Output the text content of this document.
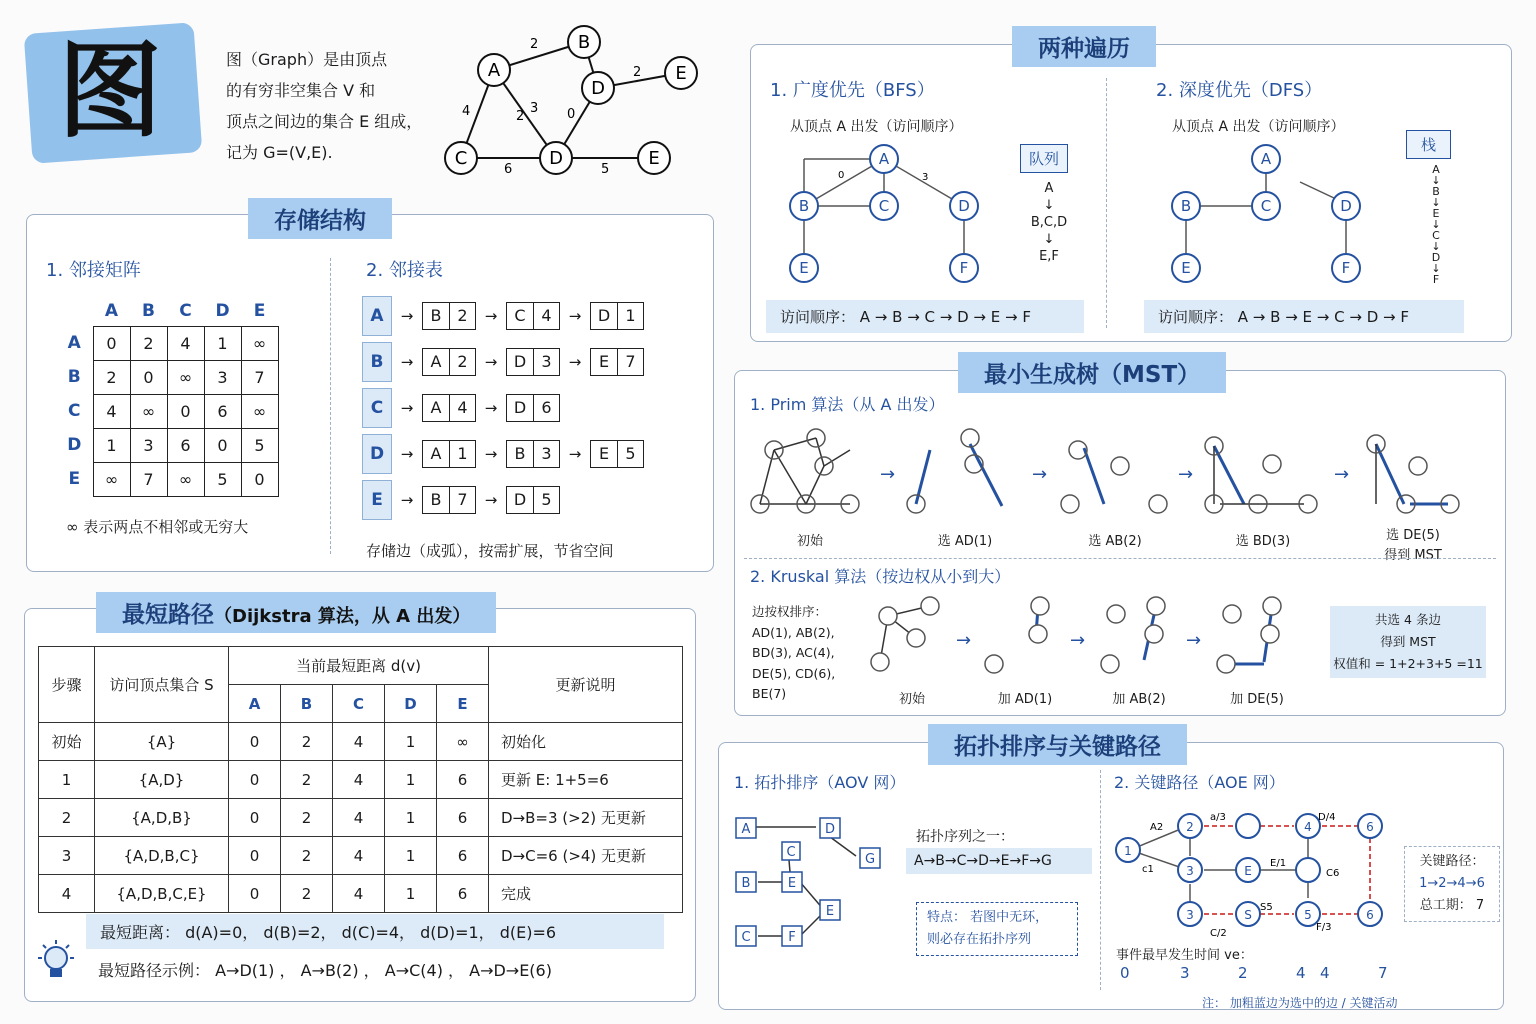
图	图（Graph）是由顶点
的有穷非空集合 V 和
顶点之间边的集合 E 组成，
记为 G=(V,E).
2
4	3
2
2
6	5
0
A
B
D
E
C	D	E
存储结构
1. 邻接矩阵	2. 邻接表
	A	B	C	D	E
A	0	2	4	1	∞
B	2	0	∞	3	7
C	4	∞	0	6	∞
D	1	3	6	0	5
E	∞	7	∞	5	0
∞ 表示两点不相邻或无穷大
A	→	B 2	→	C 4	→	D 1
B	→	A 2	→	D 3	→	E	7
C	→	A 4	→	D 6
D	→	A 1	→	B 3	→	E	5
E	→	B 7	→	D 5
存储边（成弧），按需扩展，节省空间
最短路径（Dijkstra 算法，从 A 出发）
步骤	访问顶点集合 S	当前最短距离 d(v)					更新说明
		A	B	C	D	E	
初始	{A}	0	2	4	1	∞	初始化
1	{A,D}	0	2	4	1	6	更新 E: 1+5=6
2	{A,D,B}	0	2	4	1	6	D→B=3 (>2) 无更新
3	{A,D,B,C}	0	2	4	1	6	D→C=6 (>4) 无更新
4	{A,D,B,C,E}	0	2	4	1	6	完成
最短距离： d(A)=0， d(B)=2， d(C)=4， d(D)=1， d(E)=6
最短路径示例： A→D(1) ， A→B(2) ， A→C(4) ， A→D→E(6)
两种遍历
1. 广度优先（BFS）	2. 深度优先（DFS）
从顶点 A 出发（访问顺序）	从顶点 A 出发（访问顺序）
0	3
A
B	C	D
E	F
队列
A
↓
B,C,D
↓
E,F
A
B	C	D
E	F
栈
A
↓
B
↓
E
↓
C
↓
D
↓
F
访问顺序： A → B → C → D → E → F	访问顺序： A → B → E → C → D → F
最小生成树（MST）
1. Prim 算法（从 A 出发）
→	→	→	→
初始	选 AD(1)	选 AB(2)	选 BD(3)	选 DE(5)
得到 MST
2. Kruskal 算法（按边权从小到大）
边按权排序：
AD(1), AB(2),
BD(3), AC(4),
DE(5), CD(6),
BE(7)
→	→	→
初始	加 AD(1)	加 AB(2)	加 DE(5)
共选 4 条边
得到 MST
权值和 = 1+2+3+5 =11
拓扑排序与关键路径
1. 拓扑排序（AOV 网）	2. 关键路径（AOE 网）
A	D
C	G
B	E
E
C	F
拓扑序列之一：
A→B→C→D→E→F→G
特点： 若图中无环，
则必存在拓扑序列
1
2	4	6
3	E
3	S	5	6
A2
c1
a/3	D/4
E/1
C6
S5
F/3
C/2
关键路径：
1→2→4→6
总工期： 7
事件最早发生时间 ve：
0	3	2	4 4	7
注： 加粗蓝边为选中的边 / 关键活动
